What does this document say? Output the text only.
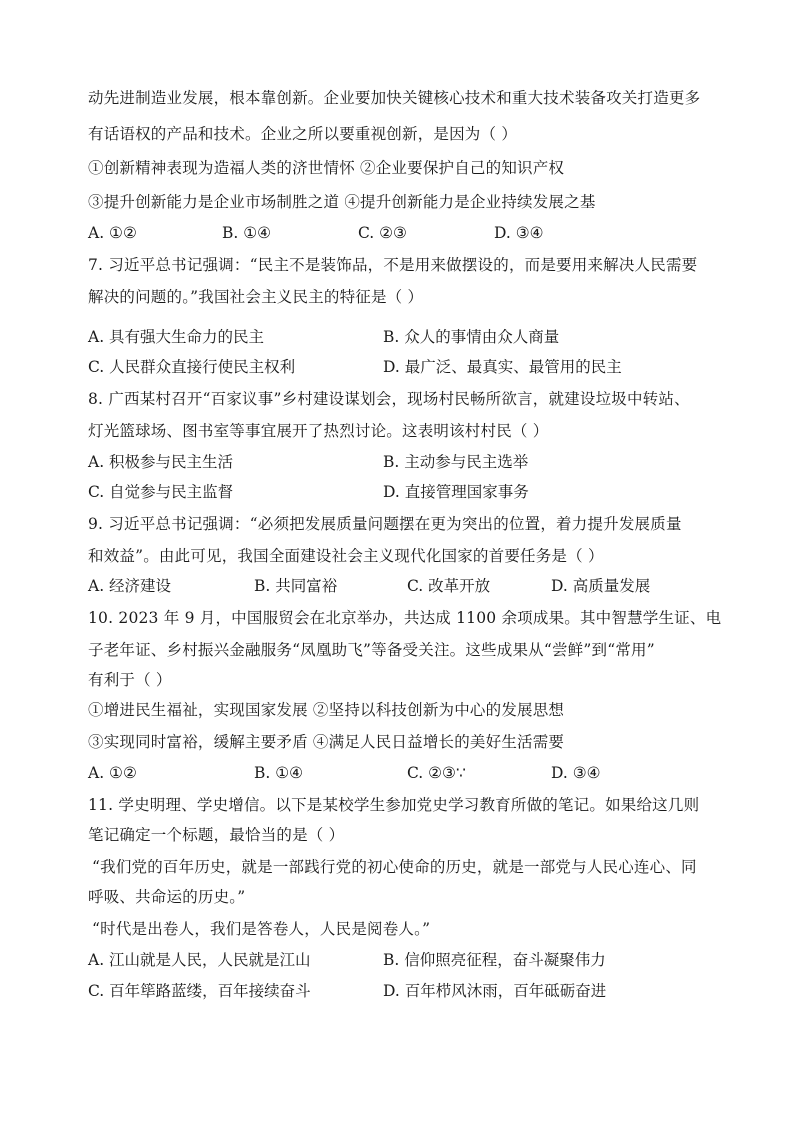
动先进制造业发展，根本靠创新。企业要加快关键核心技术和重大技术装备攻关打造更多
有话语权的产品和技术。企业之所以要重视创新，是因为（ ）
①创新精神表现为造福人类的济世情怀 ②企业要保护自己的知识产权
③提升创新能力是企业市场制胜之道 ④提升创新能力是企业持续发展之基
A. ①②	B. ①④	C. ②③	D. ③④
7. 习近平总书记强调：“民主不是装饰品，不是用来做摆设的，而是要用来解决人民需要
解决的问题的。”我国社会主义民主的特征是（ ）
A. 具有强大生命力的民主	B. 众人的事情由众人商量
C. 人民群众直接行使民主权利	D. 最广泛、最真实、最管用的民主
8. 广西某村召开“百家议事”乡村建设谋划会，现场村民畅所欲言，就建设垃圾中转站、
灯光篮球场、图书室等事宜展开了热烈讨论。这表明该村村民（ ）
A. 积极参与民主生活	B. 主动参与民主选举
C. 自觉参与民主监督	D. 直接管理国家事务
9. 习近平总书记强调：“必须把发展质量问题摆在更为突出的位置，着力提升发展质量
和效益”。由此可见，我国全面建设社会主义现代化国家的首要任务是（ ）
A. 经济建设	B. 共同富裕	C. 改革开放	D. 高质量发展
10. 2023 年 9 月，中国服贸会在北京举办，共达成 1100 余项成果。其中智慧学生证、电
子老年证、乡村振兴金融服务“凤凰助飞”等备受关注。这些成果从“尝鲜”到“常用”
有利于（ ）
①增进民生福祉，实现国家发展 ②坚持以科技创新为中心的发展思想
③实现同时富裕，缓解主要矛盾 ④满足人民日益增长的美好生活需要
A. ①②	B. ①④	C. ②③∵	D. ③④
11. 学史明理、学史增信。以下是某校学生参加党史学习教育所做的笔记。如果给这几则
笔记确定一个标题，最恰当的是（ ）
“我们党的百年历史，就是一部践行党的初心使命的历史，就是一部党与人民心连心、同
呼吸、共命运的历史。”
“时代是出卷人，我们是答卷人，人民是阅卷人。”
A. 江山就是人民，人民就是江山	B. 信仰照亮征程，奋斗凝聚伟力
C. 百年筚路蓝缕，百年接续奋斗	D. 百年栉风沐雨，百年砥砺奋进
